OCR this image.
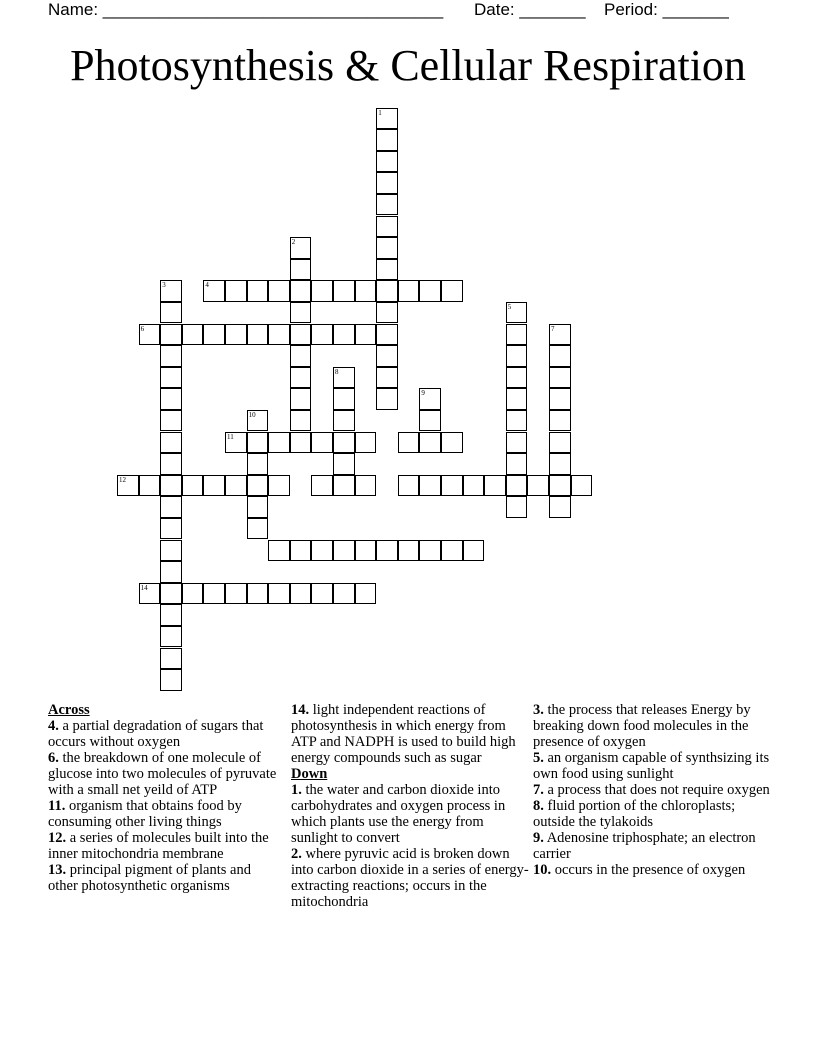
Name: ____________________________________ Date: _______ Period: _______
Photosynthesis & Cellular Respiration
1
2
3	4
6
5
7
8
9
10
11
12
14

Across

4. a partial degradation of sugars that occurs without oxygen

6. the breakdown of one molecule of glucose into two molecules of pyruvate with a small net yeild of ATP

11. organism that obtains food by consuming other living things

12. a series of molecules built into the inner mitochondria membrane

13. principal pigment of plants and other photosynthetic organisms

14. light independent reactions of photosynthesis in which energy from ATP and NADPH is used to build high energy compounds such as sugar

Down

1. the water and carbon dioxide into carbohydrates and oxygen process in which plants use the energy from sunlight to convert

2. where pyruvic acid is broken down into carbon dioxide in a series of energy-extracting reactions; occurs in the mitochondria

3. the process that releases Energy by breaking down food molecules in the presence of oxygen

5. an organism capable of synthsizing its own food using sunlight

7. a process that does not require oxygen

8. fluid portion of the chloroplasts; outside the tylakoids

9. Adenosine triphosphate; an electron carrier

10. occurs in the presence of oxygen
